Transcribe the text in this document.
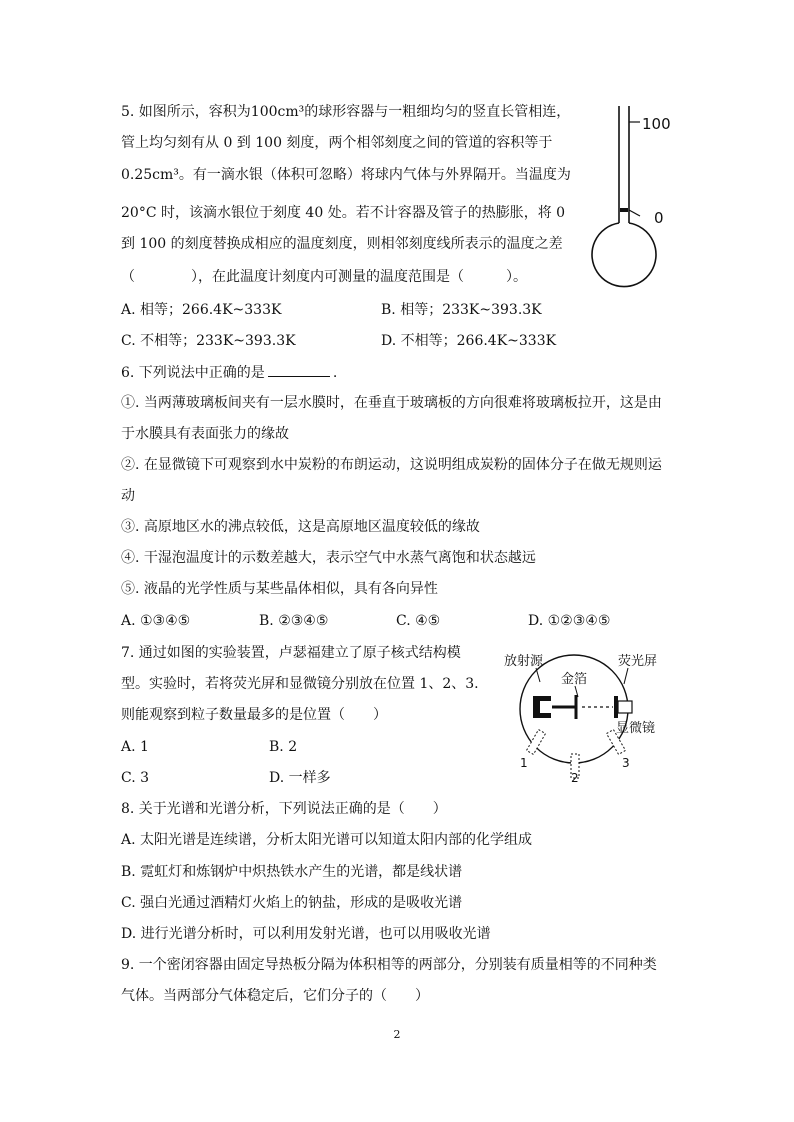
5. 如图所示，容积为100cm³的球形容器与一粗细均匀的竖直长管相连，
管上均匀刻有从 0 到 100 刻度，两个相邻刻度之间的管道的容积等于
0.25cm³。有一滴水银（体积可忽略）将球内气体与外界隔开。当温度为
20°C 时，该滴水银位于刻度 40 处。若不计容器及管子的热膨胀，将 0
到 100 的刻度替换成相应的温度刻度，则相邻刻度线所表示的温度之差
（　　　　），在此温度计刻度内可测量的温度范围是（　　　）。
A. 相等；266.4K~333K	B. 相等；233K~393.3K
C. 不相等；233K~393.3K	D. 不相等；266.4K~333K
100
0
6. 下列说法中正确的是	.
①. 当两薄玻璃板间夹有一层水膜时，在垂直于玻璃板的方向很难将玻璃板拉开，这是由
于水膜具有表面张力的缘故
②. 在显微镜下可观察到水中炭粉的布朗运动，这说明组成炭粉的固体分子在做无规则运
动
③. 高原地区水的沸点较低，这是高原地区温度较低的缘故
④. 干湿泡温度计的示数差越大，表示空气中水蒸气离饱和状态越远
⑤. 液晶的光学性质与某些晶体相似，具有各向异性
A. ①③④⑤	B. ②③④⑤	C. ④⑤	D. ①②③④⑤
7. 通过如图的实验装置，卢瑟福建立了原子核式结构模
型。实验时，若将荧光屏和显微镜分别放在位置 1、2、3.
则能观察到粒子数量最多的是位置（　　）
A. 1	B. 2
C. 3	D. 一样多
放射源
金箔
荧光屏
显微镜
1
2
3
8. 关于光谱和光谱分析，下列说法正确的是（　　）
A. 太阳光谱是连续谱，分析太阳光谱可以知道太阳内部的化学组成
B. 霓虹灯和炼钢炉中炽热铁水产生的光谱，都是线状谱
C. 强白光通过酒精灯火焰上的钠盐，形成的是吸收光谱
D. 进行光谱分析时，可以利用发射光谱，也可以用吸收光谱
9. 一个密闭容器由固定导热板分隔为体积相等的两部分，分别装有质量相等的不同种类
气体。当两部分气体稳定后，它们分子的（　　）
2
